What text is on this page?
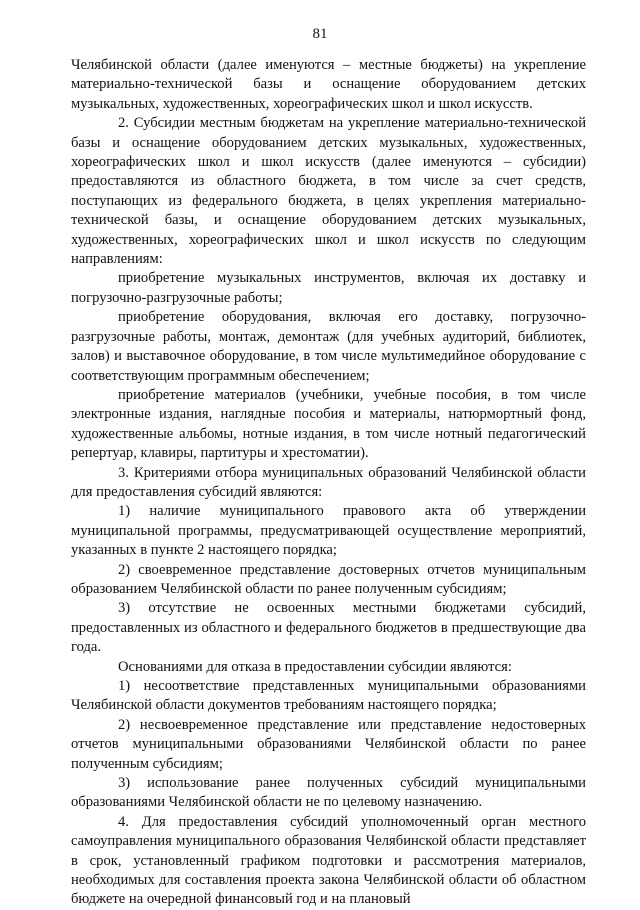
81

Челябинской области (далее именуются – местные бюджеты) на укрепление материально-технической базы и оснащение оборудованием детских музыкальных, художественных, хореографических школ и школ искусств.

2. Субсидии местным бюджетам на укрепление материально-технической базы и оснащение оборудованием детских музыкальных, художественных, хореографических школ и школ искусств (далее именуются – субсидии) предоставляются из областного бюджета, в том числе за счет средств, поступающих из федерального бюджета, в целях укрепления материально-технической базы, и оснащение оборудованием детских музыкальных, художественных, хореографических школ и школ искусств по следующим направлениям:

приобретение музыкальных инструментов, включая их доставку и погрузочно-разгрузочные работы;

приобретение оборудования, включая его доставку, погрузочно-разгрузочные работы, монтаж, демонтаж (для учебных аудиторий, библиотек, залов) и выставочное оборудование, в том числе мультимедийное оборудование с соответствующим программным обеспечением;

приобретение материалов (учебники, учебные пособия, в том числе электронные издания, наглядные пособия и материалы, натюрмортный фонд, художественные альбомы, нотные издания, в том числе нотный педагогический репертуар, клавиры, партитуры и хрестоматии).

3. Критериями отбора муниципальных образований Челябинской области для предоставления субсидий являются:

1) наличие муниципального правового акта об утверждении муниципальной программы, предусматривающей осуществление мероприятий, указанных в пункте 2 настоящего порядка;

2) своевременное представление достоверных отчетов муниципальным образованием Челябинской области по ранее полученным субсидиям;

3) отсутствие не освоенных местными бюджетами субсидий, предоставленных из областного и федерального бюджетов в предшествующие два года.

Основаниями для отказа в предоставлении субсидии являются:

1) несоответствие представленных муниципальными образованиями Челябинской области документов требованиям настоящего порядка;

2) несвоевременное представление или представление недостоверных отчетов муниципальными образованиями Челябинской области по ранее полученным субсидиям;

3) использование ранее полученных субсидий муниципальными образованиями Челябинской области не по целевому назначению.

4. Для предоставления субсидий уполномоченный орган местного самоуправления муниципального образования Челябинской области представляет в срок, установленный графиком подготовки и рассмотрения материалов, необходимых для составления проекта закона Челябинской области об областном бюджете на очередной финансовый год и на плановый
